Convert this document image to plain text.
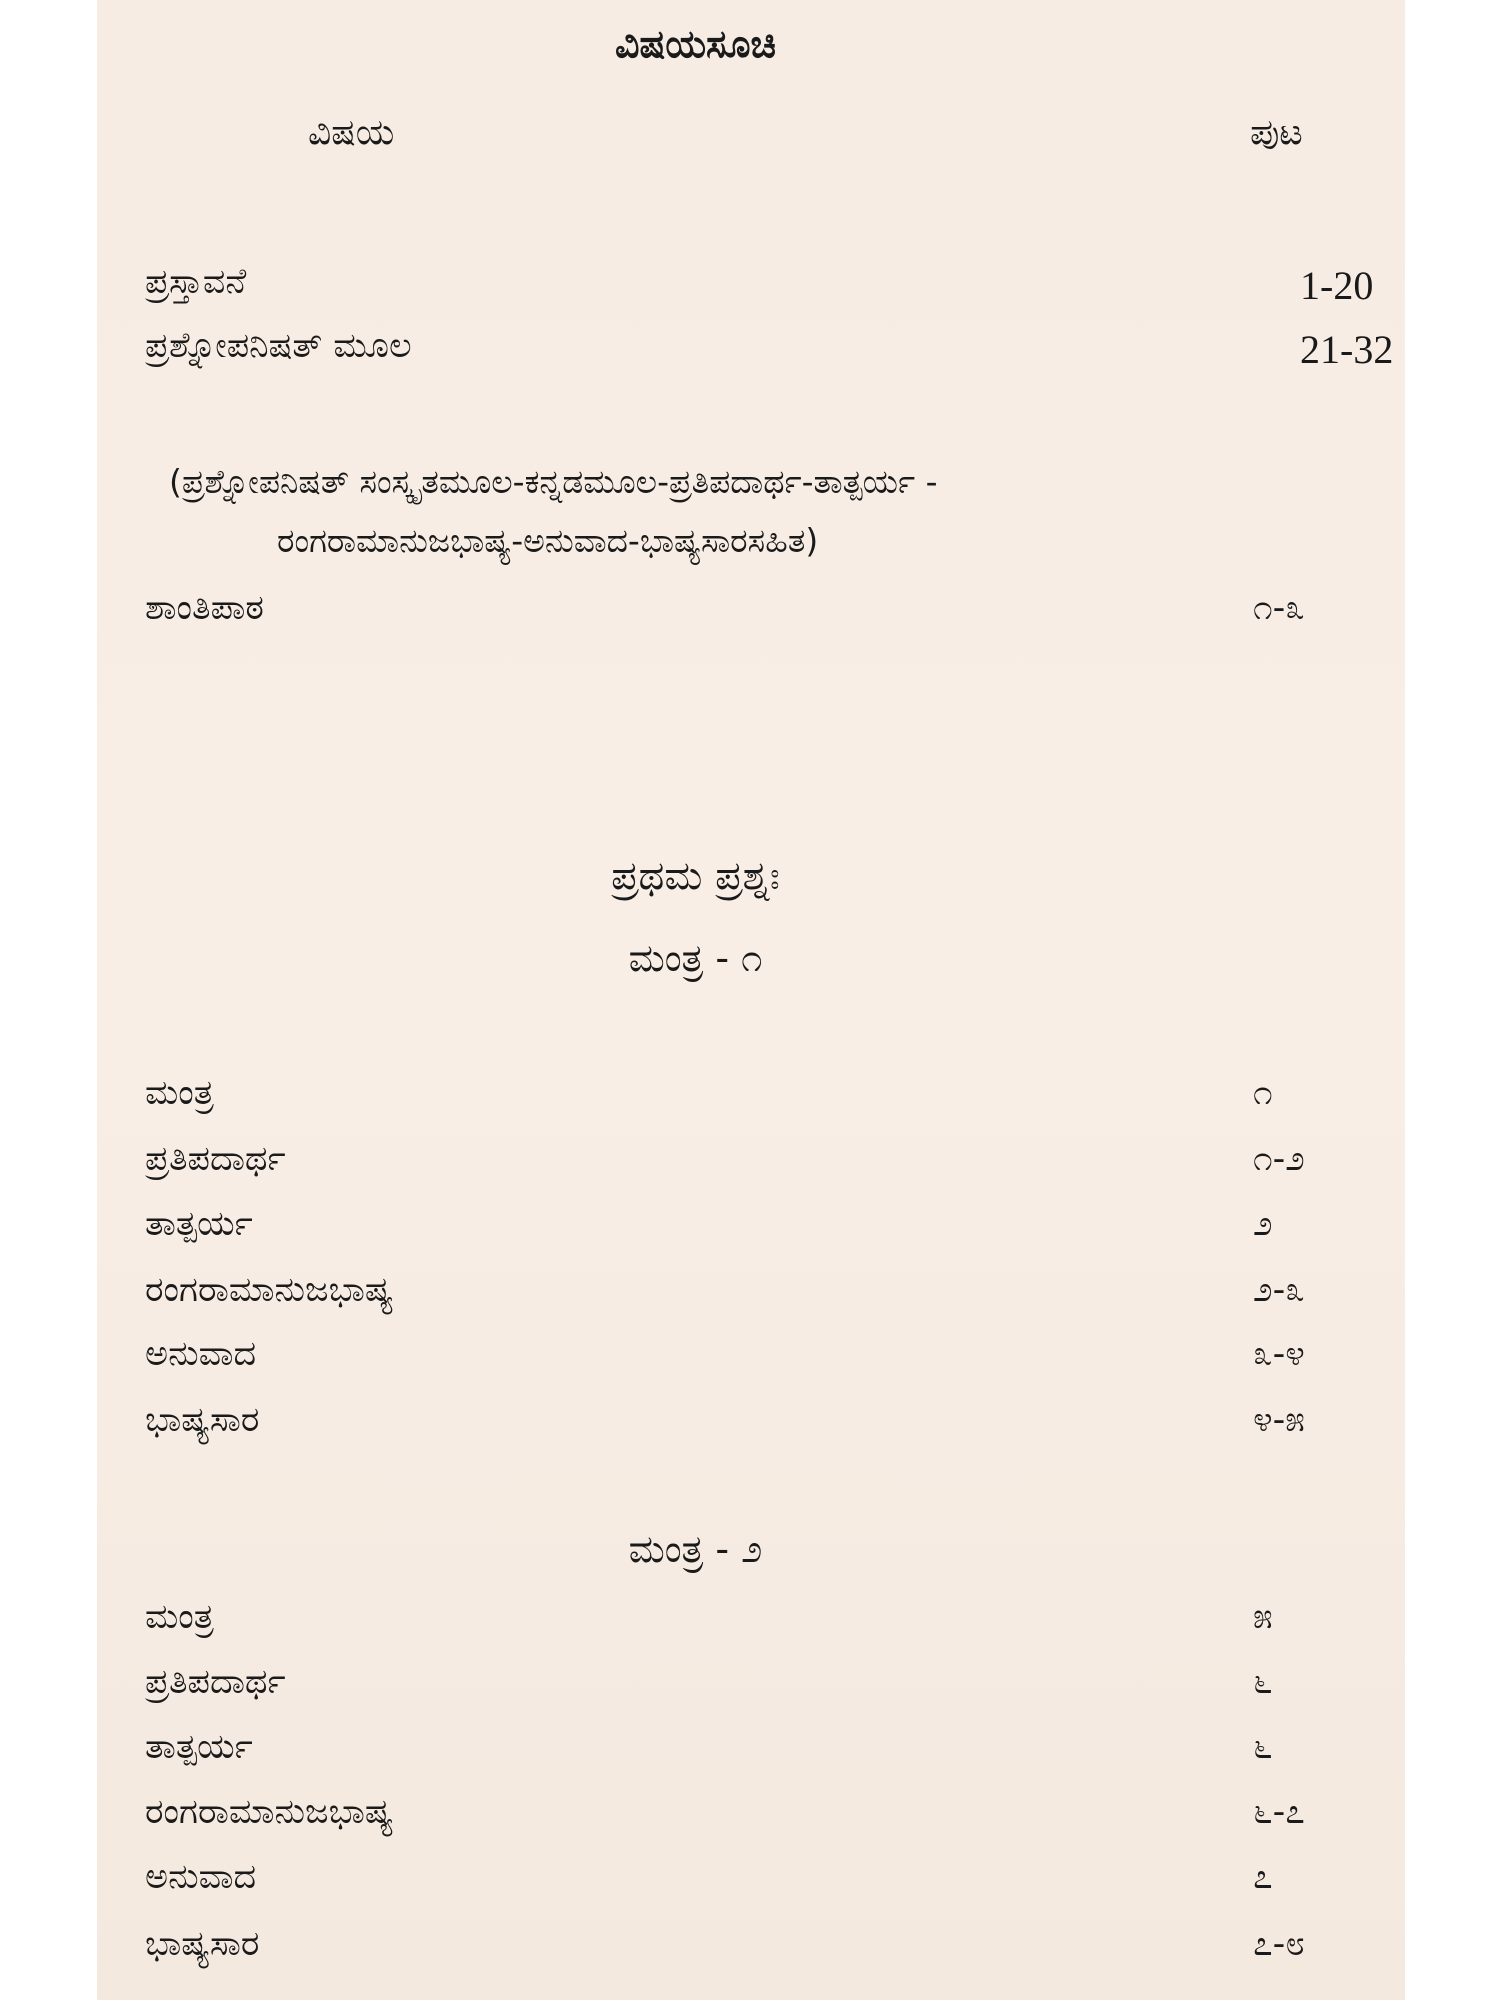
ವಿಷಯಸೂಚಿ
ವಿಷಯ	ಪುಟ
ಪ್ರಸ್ತಾವನೆ	1-20
ಪ್ರಶ್ನೋಪನಿಷತ್ ಮೂಲ	21-32
(ಪ್ರಶ್ನೋಪನಿಷತ್ ಸಂಸ್ಕೃತಮೂಲ-ಕನ್ನಡಮೂಲ-ಪ್ರತಿಪದಾರ್ಥ-ತಾತ್ಪರ್ಯ -
ರಂಗರಾಮಾನುಜಭಾಷ್ಯ-ಅನುವಾದ-ಭಾಷ್ಯಸಾರಸಹಿತ)
ಶಾಂತಿಪಾಠ	೧-೩
ಪ್ರಥಮ ಪ್ರಶ್ನಃ
ಮಂತ್ರ - ೧
ಮಂತ್ರ	೧
ಪ್ರತಿಪದಾರ್ಥ	೧-೨
ತಾತ್ಪರ್ಯ	೨
ರಂಗರಾಮಾನುಜಭಾಷ್ಯ	೨-೩
ಅನುವಾದ	೩-೪
ಭಾಷ್ಯಸಾರ	೪-೫
ಮಂತ್ರ - ೨
ಮಂತ್ರ	೫
ಪ್ರತಿಪದಾರ್ಥ	೬
ತಾತ್ಪರ್ಯ	೬
ರಂಗರಾಮಾನುಜಭಾಷ್ಯ	೬-೭
ಅನುವಾದ	೭
ಭಾಷ್ಯಸಾರ	೭-೮
